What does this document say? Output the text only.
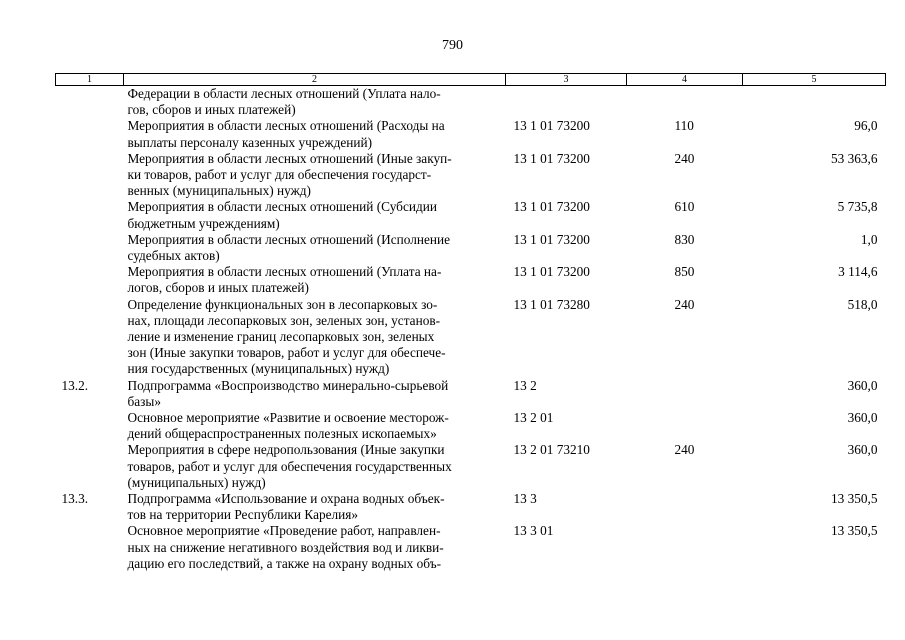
790
1	2	3	4	5
	Федерации в области лесных отношений (Уплата нало-
гов, сборов и иных платежей)			
	Мероприятия в области лесных отношений (Расходы на
выплаты персоналу казенных учреждений)	13 1 01 73200	110	96,0
	Мероприятия в области лесных отношений (Иные закуп-
ки товаров, работ и услуг для обеспечения государст-
венных (муниципальных) нужд)	13 1 01 73200	240	53 363,6
	Мероприятия в области лесных отношений (Субсидии
бюджетным учреждениям)	13 1 01 73200	610	5 735,8
	Мероприятия в области лесных отношений (Исполнение
судебных актов)	13 1 01 73200	830	1,0
	Мероприятия в области лесных отношений (Уплата на-
логов, сборов и иных платежей)	13 1 01 73200	850	3 114,6
	Определение функциональных зон в лесопарковых зо-
нах, площади лесопарковых зон, зеленых зон, установ-
ление и изменение границ лесопарковых зон, зеленых
зон (Иные закупки товаров, работ и услуг для обеспече-
ния государственных (муниципальных) нужд)	13 1 01 73280	240	518,0
13.2.	Подпрограмма «Воспроизводство минерально-сырьевой
базы»	13 2		360,0
	Основное мероприятие «Развитие и освоение месторож-
дений общераспространенных полезных ископаемых»	13 2 01		360,0
	Мероприятия в сфере недропользования (Иные закупки
товаров, работ и услуг для обеспечения государственных
(муниципальных) нужд)	13 2 01 73210	240	360,0
13.3.	Подпрограмма «Использование и охрана водных объек-
тов на территории Республики Карелия»	13 3		13 350,5
	Основное мероприятие «Проведение работ, направлен-
ных на снижение негативного воздействия вод и ликви-
дацию его последствий, а также на охрану водных объ-	13 3 01		13 350,5
